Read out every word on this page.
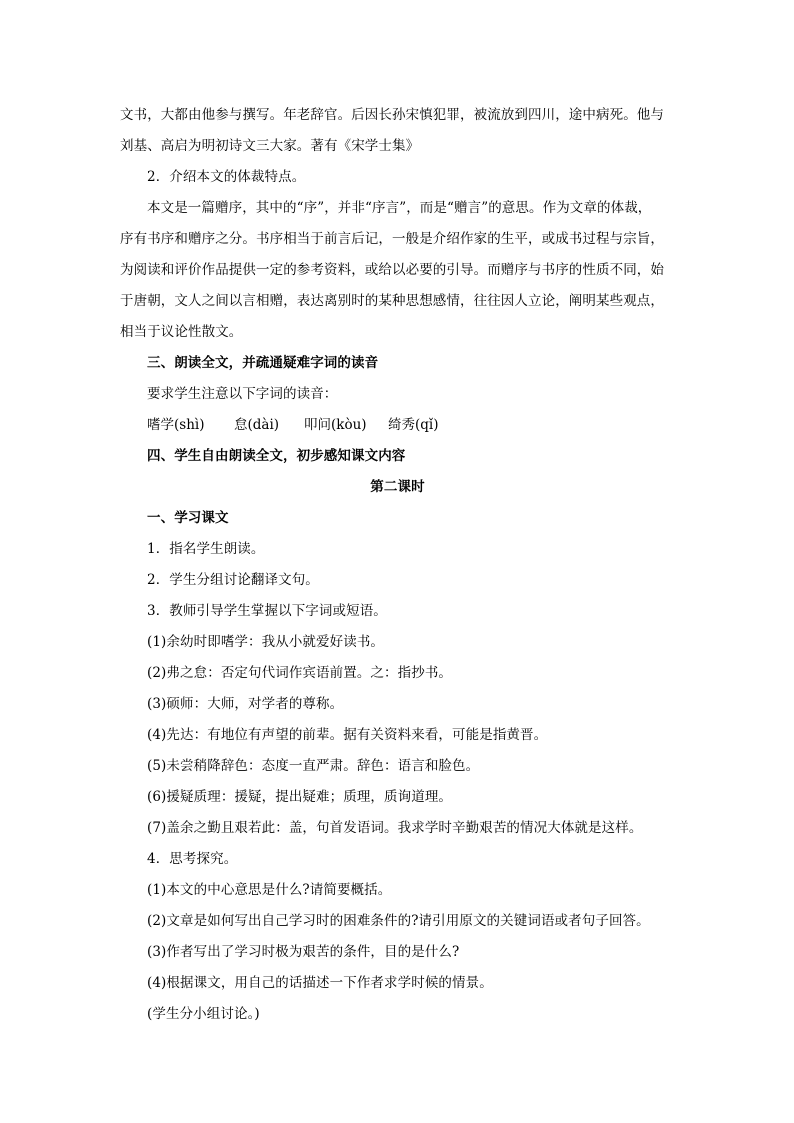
文书，大都由他参与撰写。年老辞官。后因长孙宋慎犯罪，被流放到四川，途中病死。他与
刘基、高启为明初诗文三大家。著有《宋学士集》
2．介绍本文的体裁特点。
本文是一篇赠序，其中的“序”，并非“序言”，而是“赠言”的意思。作为文章的体裁，
序有书序和赠序之分。书序相当于前言后记，一般是介绍作家的生平，或成书过程与宗旨，
为阅读和评价作品提供一定的参考资料，或给以必要的引导。而赠序与书序的性质不同，始
于唐朝，文人之间以言相赠，表达离别时的某种思想感情，往往因人立论，阐明某些观点，
相当于议论性散文。
三、朗读全文，并疏通疑难字词的读音
要求学生注意以下字词的读音：
嗜学(shì)	怠(dài)	叩问(kòu)	绮秀(qǐ)
四、学生自由朗读全文，初步感知课文内容
第二课时
一、学习课文
1．指名学生朗读。
2．学生分组讨论翻译文句。
3．教师引导学生掌握以下字词或短语。
(1)余幼时即嗜学：我从小就爱好读书。
(2)弗之怠：否定句代词作宾语前置。之：指抄书。
(3)硕师：大师，对学者的尊称。
(4)先达：有地位有声望的前辈。据有关资料来看，可能是指黄晋。
(5)未尝稍降辞色：态度一直严肃。辞色：语言和脸色。
(6)援疑质理：援疑，提出疑难；质理，质询道理。
(7)盖余之勤且艰若此：盖，句首发语词。我求学时辛勤艰苦的情况大体就是这样。
4．思考探究。
(1)本文的中心意思是什么?请简要概括。
(2)文章是如何写出自己学习时的困难条件的?请引用原文的关键词语或者句子回答。
(3)作者写出了学习时极为艰苦的条件，目的是什么?
(4)根据课文，用自己的话描述一下作者求学时候的情景。
(学生分小组讨论。)
